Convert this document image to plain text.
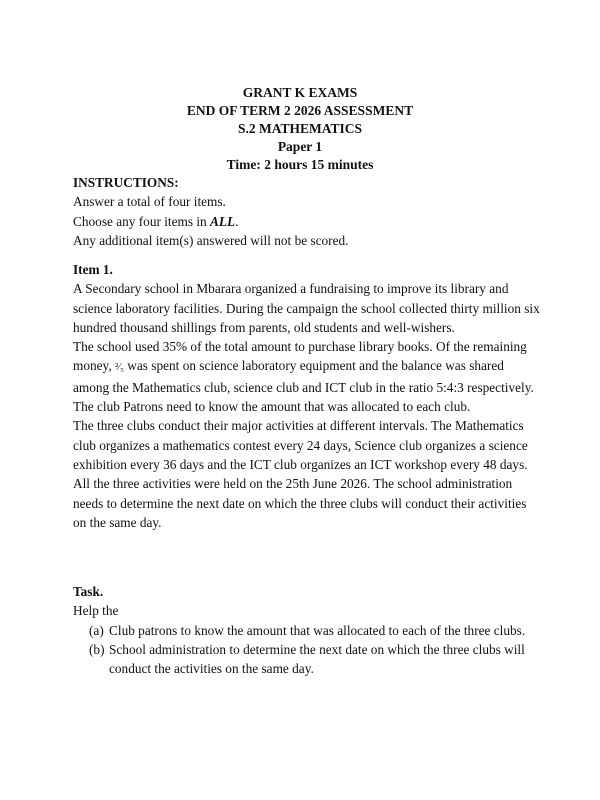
GRANT K EXAMS
END OF TERM 2 2026 ASSESSMENT
S.2 MATHEMATICS
Paper 1
Time: 2 hours 15 minutes

INSTRUCTIONS:

Answer a total of four items.

Choose any four items in ALL.

Any additional item(s) answered will not be scored.

Item 1.

A Secondary school in Mbarara organized a fundraising to improve its library and science laboratory facilities. During the campaign the school collected thirty million six hundred thousand shillings from parents, old students and well-wishers.

The school used 35% of the total amount to purchase library books. Of the remaining money, ²⁄₅ was spent on science laboratory equipment and the balance was shared among the Mathematics club, science club and ICT club in the ratio 5:4:3 respectively. The club Patrons need to know the amount that was allocated to each club.

The three clubs conduct their major activities at different intervals. The Mathematics club organizes a mathematics contest every 24 days, Science club organizes a science exhibition every 36 days and the ICT club organizes an ICT workshop every 48 days.

All the three activities were held on the 25th June 2026. The school administration needs to determine the next date on which the three clubs will conduct their activities on the same day.

Task.

Help the

(a) Club patrons to know the amount that was allocated to each of the three clubs.
(b) School administration to determine the next date on which the three clubs will conduct the activities on the same day.
